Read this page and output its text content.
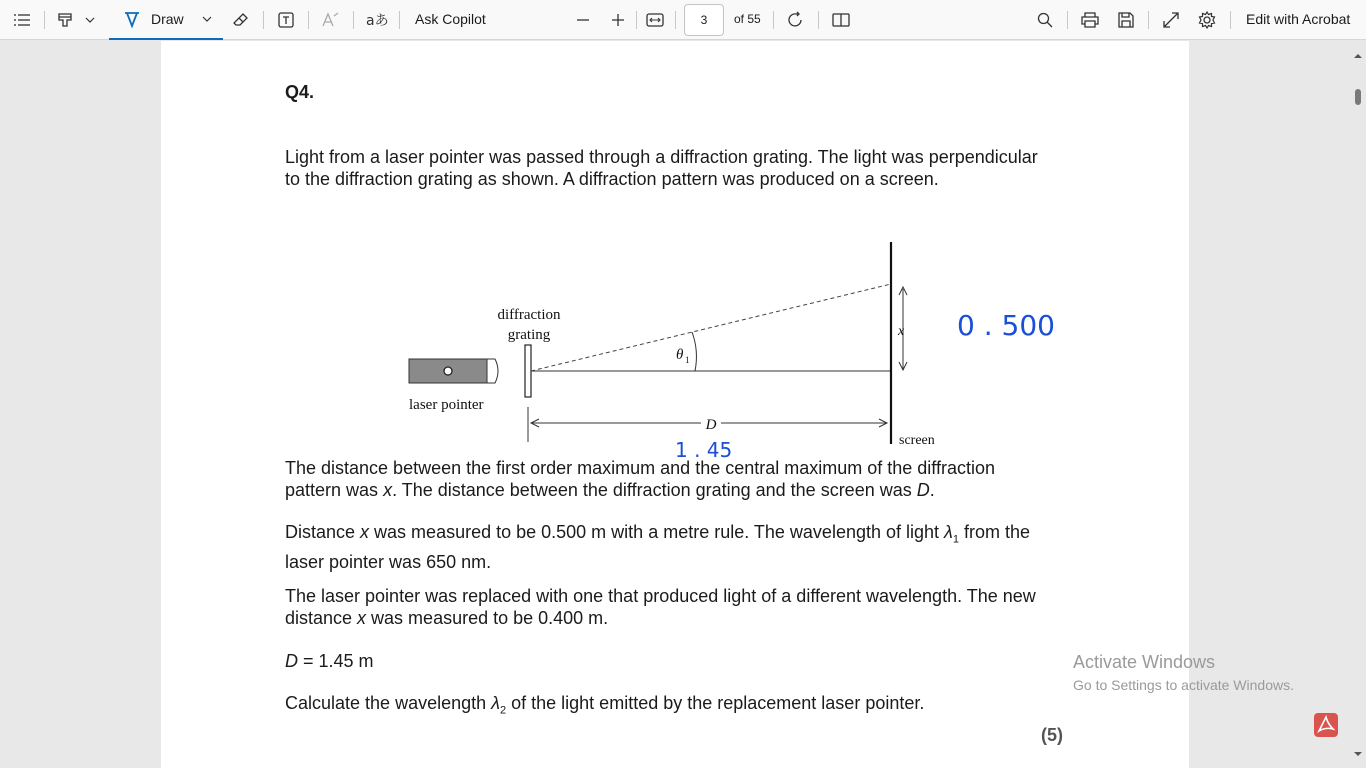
Draw	aあ Ask Copilot
3	of 55	Edit with Acrobat
Q4.
Light from a laser pointer was passed through a diffraction grating. The light was perpendicular to the diffraction grating as shown. A diffraction pattern was produced on a screen.
diffraction
grating
laser pointer
screen
θ 1
x
D
0 . 500
1 . 45
The distance between the first order maximum and the central maximum of the diffraction pattern was x. The distance between the diffraction grating and the screen was D.
Distance x was measured to be 0.500 m with a metre rule. The wavelength of light $\lambda_1$ from the laser pointer was 650 nm.
The laser pointer was replaced with one that produced light of a different wavelength. The new distance x was measured to be 0.400 m.
D = 1.45 m
Calculate the wavelength $\lambda_2$ of the light emitted by the replacement laser pointer.
(5)
Activate Windows
Go to Settings to activate Windows.
